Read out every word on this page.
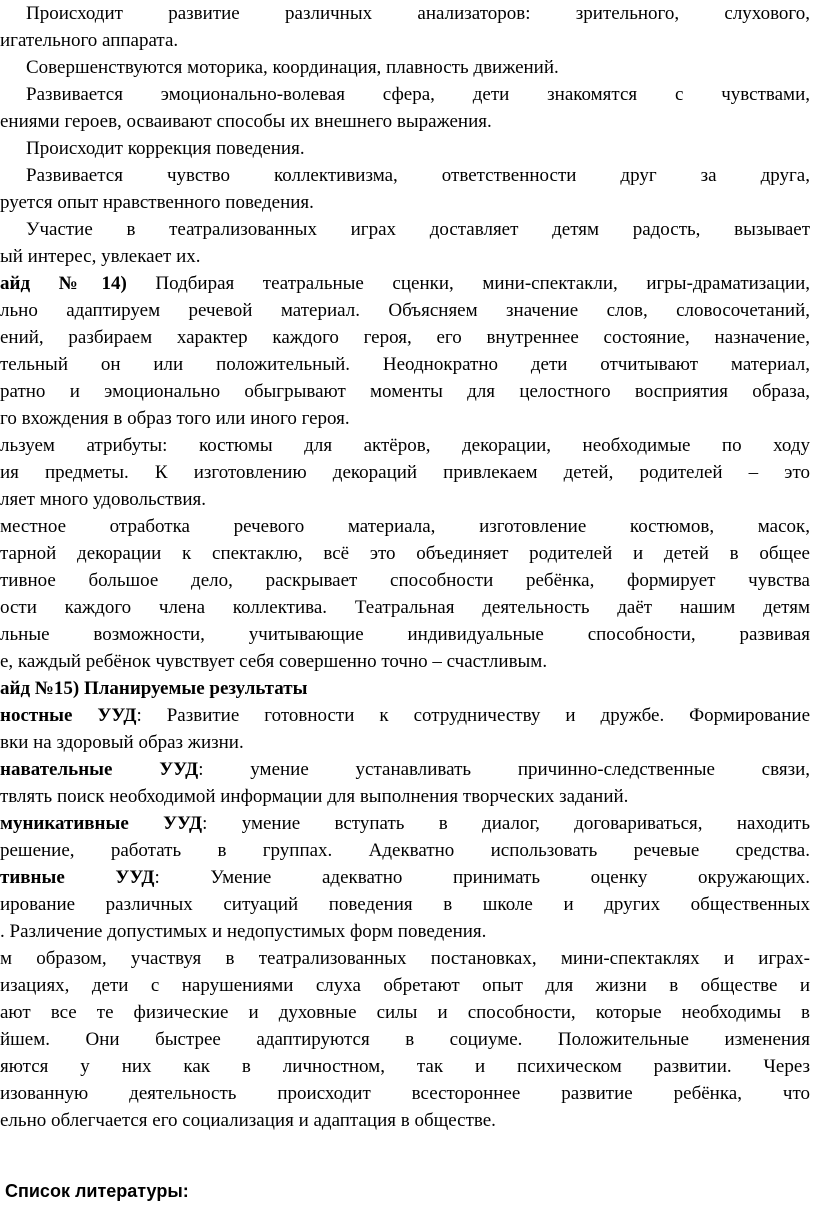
Происходит развитие различных анализаторов: зрительного, слухового,
игательного аппарата.
Совершенствуются моторика, координация, плавность движений.
Развивается эмоционально-волевая сфера, дети знакомятся с чувствами,
ениями героев, осваивают способы их внешнего выражения.
Происходит коррекция поведения.
Развивается чувство коллективизма, ответственности друг за друга,
руется опыт нравственного поведения.
Участие в театрализованных играх доставляет детям радость, вызывает
ый интерес, увлекает их.
айд №14) Подбирая театральные сценки, мини-спектакли, игры-драматизации,
льно адаптируем речевой материал. Объясняем значение слов, словосочетаний,
ений, разбираем характер каждого героя, его внутреннее состояние, назначение,
тельный он или положительный. Неоднократно дети отчитывают материал,
ратно и эмоционально обыгрывают моменты для целостного восприятия образа,
го вхождения в образ того или иного героя.
льзуем атрибуты: костюмы для актёров, декорации, необходимые по ходу
ия предметы. К изготовлению декораций привлекаем детей, родителей – это
ляет много удовольствия.
местное отработка речевого материала, изготовление костюмов, масок,
тарной декорации к спектаклю, всё это объединяет родителей и детей в общее
тивное большое дело, раскрывает способности ребёнка, формирует чувства
ости каждого члена коллектива. Театральная деятельность даёт нашим детям
льные возможности, учитывающие индивидуальные способности, развивая
е, каждый ребёнок чувствует себя совершенно точно – счастливым.
айд №15) Планируемые результаты
ностные УУД: Развитие готовности к сотрудничеству и дружбе. Формирование
вки на здоровый образ жизни.
навательные УУД: умение устанавливать причинно-следственные связи,
твлять поиск необходимой информации для выполнения творческих заданий.
муникативные УУД: умение вступать в диалог, договариваться, находить
решение, работать в группах. Адекватно использовать речевые средства.
тивные УУД: Умение адекватно принимать оценку окружающих.
ирование различных ситуаций поведения в школе и других общественных
. Различение допустимых и недопустимых форм поведения.
м образом, участвуя в театрализованных постановках, мини-спектаклях и играх-
изациях, дети с нарушениями слуха обретают опыт для жизни в обществе и
ают все те физические и духовные силы и способности, которые необходимы в
йшем. Они быстрее адаптируются в социуме. Положительные изменения
яются у них как в личностном, так и психическом развитии. Через
изованную деятельность происходит всестороннее развитие ребёнка, что
ельно облегчается его социализация и адаптация в обществе.
Список литературы:
